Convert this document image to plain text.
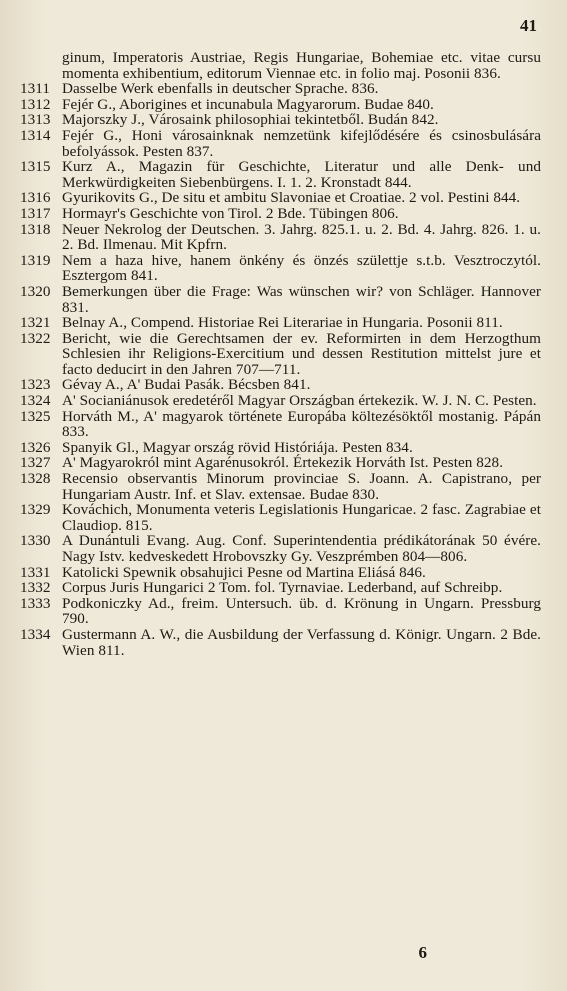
41
ginum, Imperatoris Austriae, Regis Hungariae, Bohemiae etc. vitae cursu momenta exhibentium, editorum Viennae etc. in folio maj. Posonii 836.
1311 Dasselbe Werk ebenfalls in deutscher Sprache. 836.
1312 Fejér G., Aborigines et incunabula Magyarorum. Budae 840.
1313 Majorszky J., Városaink philosophiai tekintetből. Budán 842.
1314 Fejér G., Honi városainknak nemzetünk kifejlődésére és csinosbulására befolyássok. Pesten 837.
1315 Kurz A., Magazin für Geschichte, Literatur und alle Denk- und Merkwürdigkeiten Siebenbürgens. I. 1. 2. Kronstadt 844.
1316 Gyurikovits G., De situ et ambitu Slavoniae et Croatiae. 2 vol. Pestini 844.
1317 Hormayr's Geschichte von Tirol. 2 Bde. Tübingen 806.
1318 Neuer Nekrolog der Deutschen. 3. Jahrg. 825.1. u. 2. Bd. 4. Jahrg. 826. 1. u. 2. Bd. Ilmenau. Mit Kpfrn.
1319 Nem a haza hive, hanem önkény és önzés születtje s.t.b. Vesztroczytól. Esztergom 841.
1320 Bemerkungen über die Frage: Was wünschen wir? von Schläger. Hannover 831.
1321 Belnay A., Compend. Historiae Rei Literariae in Hungaria. Posonii 811.
1322 Bericht, wie die Gerechtsamen der ev. Reformirten in dem Herzogthum Schlesien ihr Religions-Exercitium und dessen Restitution mittelst jure et facto deducirt in den Jahren 707—711.
1323 Gévay A., A' Budai Pasák. Bécsben 841.
1324 A' Socianiánusok eredetéről Magyar Országban értekezik. W. J. N. C. Pesten.
1325 Horváth M., A' magyarok története Europába költezésöktől mostanig. Pápán 833.
1326 Spanyik Gl., Magyar ország rövid Históriája. Pesten 834.
1327 A' Magyarokról mint Agarénusokról. Értekezik Horváth Ist. Pesten 828.
1328 Recensio observantis Minorum provinciae S. Joann. A. Capistrano, per Hungariam Austr. Inf. et Slav. extensae. Budae 830.
1329 Kováchich, Monumenta veteris Legislationis Hungaricae. 2 fasc. Zagrabiae et Claudiop. 815.
1330 A Dunántuli Evang. Aug. Conf. Superintendentia prédikátorának 50 évére. Nagy Istv. kedveskedett Hrobovszky Gy. Veszprémben 804—806.
1331 Katolicki Spewnik obsahujici Pesne od Martina Eliásá 846.
1332 Corpus Juris Hungarici 2 Tom. fol. Tyrnaviae. Lederband, auf Schreibp.
1333 Podkoniczky Ad., freim. Untersuch. üb. d. Krönung in Ungarn. Pressburg 790.
1334 Gustermann A. W., die Ausbildung der Verfassung d. Königr. Ungarn. 2 Bde. Wien 811.
6
